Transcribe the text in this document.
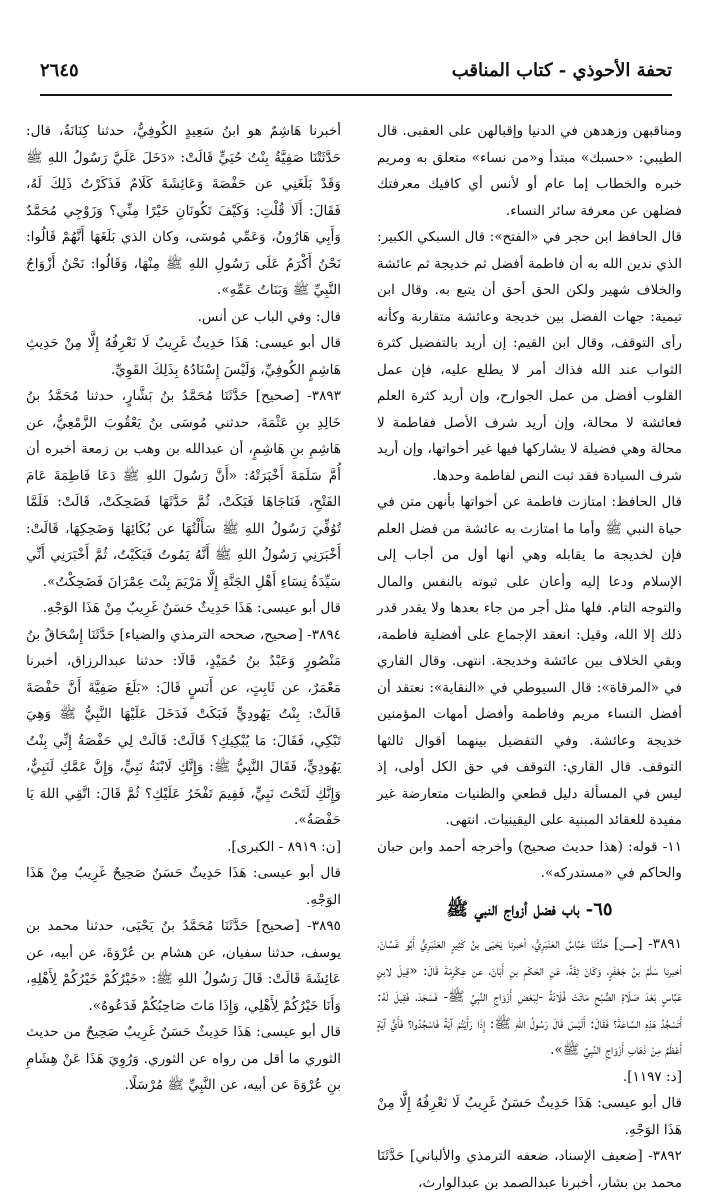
تحفة الأحوذي - كتاب المناقب
٢٦٤٥

ومناقبهن وزهدهن في الدنيا وإقبالهن على العقبى. قال الطيبي: «حسبك» مبتدأ و«من نساء» متعلق به ومريم خبره والخطاب إما عام أو لأنس أي كافيك معرفتك فضلهن عن معرفة سائر النساء.

قال الحافظ ابن حجر في «الفتح»: قال السبكي الكبير: الذي ندين الله به أن فاطمة أفضل ثم خديجة ثم عائشة والخلاف شهير ولكن الحق أحق أن يتبع به. وقال ابن تيمية: جهات الفضل بين خديجة وعائشة متقاربة وكأنه رأى التوقف، وقال ابن القيم: إن أريد بالتفضيل كثرة الثواب عند الله فذاك أمر لا يطلع عليه، فإن عمل القلوب أفضل من عمل الجوارح، وإن أريد كثرة العلم فعائشة لا محالة، وإن أريد شرف الأصل ففاطمة لا محالة وهي فضيلة لا يشاركها فيها غير أخواتها، وإن أريد شرف السيادة فقد ثبت النص لفاطمة وحدها.

قال الحافظ: امتازت فاطمة عن أخواتها بأنهن متن في حياة النبي ﷺ وأما ما امتازت به عائشة من فضل العلم فإن لخديجة ما يقابله وهي أنها أول من أجاب إلى الإسلام ودعا إليه وأعان على ثبوته بالنفس والمال والتوجه التام. فلها مثل أجر من جاء بعدها ولا يقدر قدر ذلك إلا الله، وقيل: انعقد الإجماع على أفضلية فاطمة، وبقي الخلاف بين عائشة وخديجة. انتهى. وقال القاري في «المرقاة»: قال السيوطي في «النقاية»: نعتقد أن أفضل النساء مريم وفاطمة وأفضل أمهات المؤمنين خديجة وعائشة. وفي التفضيل بينهما أقوال ثالثها التوقف. قال القاري: التوقف في حق الكل أولى، إذ ليس في المسألة دليل قطعي والظنيات متعارضة غير مفيدة للعقائد المبنية على اليقينيات. انتهى.

١١- قوله: (هذا حديث صحيح) وأخرجه أحمد وابن حبان والحاكم في «مستدركه».

٦٥- باب فضل أزواج النبي ﷺ

٣٨٩١- [حسن] حَدَّثَنَا عَبَّاسٌ العَنْبَرِيُّ، أخبرنا يَحْيَى بنُ كَثِيرٍ العَنْبَرِيُّ أَبُو غَسَّانَ، أخبرنا سَلْمُ بنُ جَعْفَرٍ، وَكَانَ ثِقَةً، عَنِ الحَكَمِ بنِ أَبَانَ، عن عِكْرِمَةَ قَالَ: «قِيلَ لابنِ عَبَّاسٍ بَعْدَ صَلَاةِ الصُّبْحِ مَاتَتْ فُلَانَةُ -لِبَعْضِ أَزْوَاجِ النَّبِيِّ ﷺ- فَسَجَدَ، فَقِيلَ لَهُ: أَتَسْجُدُ هَذِهِ السَّاعَةَ؟ فَقَالَ: أَلَيْسَ قَالَ رَسُولُ اللهِ ﷺ: إِذَا رَأَيْتُمْ آيَةً فَاسْجُدُوا؟ فَأَيُّ آيَةٍ أَعْظَمُ مِنْ ذَهَابِ أَزْوَاجِ النَّبِيِّ ﷺ».

[د: ١١٩٧].

قال أبو عيسى: هَذَا حَدِيثٌ حَسَنٌ غَرِيبٌ لَا نَعْرِفُهُ إِلَّا مِنْ هَذَا الوَجْهِ.

٣٨٩٢- [ضعيف الإسناد، ضعفه الترمذي والألباني] حَدَّثَنَا محمد بن بشار، أخبرنا عبدالصمد بن عبدالوارث،

أخبرنا هَاشِمٌ هو ابنُ سَعِيدٍ الكُوفِيُّ، حدثنا كِنَانَةُ، قال: حَدَّثَتْنَا صَفِيَّةُ بِنْتُ حُيَيٍّ قَالَتْ: «دَخَلَ عَلَيَّ رَسُولُ اللهِ ﷺ وَقَدْ بَلَغَنِي عن حَفْصَةَ وَعَائِشَةَ كَلَامٌ فَذَكَرْتُ ذَلِكَ لَهُ، فَقَالَ: أَلَا قُلْتِ: وَكَيْفَ تَكُونَانِ خَيْرًا مِنِّي؟ وَزَوْجِي مُحَمَّدٌ وَأَبِي هَارُونُ، وَعَمِّي مُوسَى، وكان الذي بَلَغَهَا أَنَّهُمْ قَالُوا: نَحْنُ أَكْرَمُ عَلَى رَسُولِ اللهِ ﷺ مِنْهَا، وَقَالُوا: نَحْنُ أَزْوَاجُ النَّبِيِّ ﷺ وَبَنَاتُ عَمِّهِ».

قال: وفي الباب عن أنس.

قال أبو عيسى: هَذَا حَدِيثٌ غَرِيبٌ لَا نَعْرِفُهُ إِلَّا مِنْ حَدِيثِ هَاشِمٍ الكُوفِيِّ، وَلَيْسَ إِسْنَادُهُ بِذَلِكَ القَوِيِّ.

٣٨٩٣- [صحيح] حَدَّثَنَا مُحَمَّدُ بنُ بَشَّارٍ، حدثنا مُحَمَّدُ بنُ خَالِدِ بنِ عَثْمَةَ، حدثني مُوسَى بنُ يَعْقُوبَ الزَّمْعِيُّ، عن هَاشِمِ بنِ هَاشِمٍ، أن عبدالله بن وهب بن زمعة أخبره أن أُمَّ سَلَمَةَ أَخْبَرَتْهُ: «أَنَّ رَسُولَ اللهِ ﷺ دَعَا فَاطِمَةَ عَامَ الفَتْحِ، فَنَاجَاهَا فَبَكَتْ، ثُمَّ حَدَّثَهَا فَضَحِكَتْ، قَالَتْ: فَلَمَّا تُوُفِّيَ رَسُولُ اللهِ ﷺ سَأَلْتُهَا عن بُكَائِهَا وَضَحِكِهَا، قَالَتْ: أَخْبَرَنِي رَسُولُ اللهِ ﷺ أَنَّهُ يَمُوتُ فَبَكَيْتُ، ثُمَّ أَخْبَرَنِي أَنِّي سَيِّدَةُ نِسَاءِ أَهْلِ الجَنَّةِ إِلَّا مَرْيَمَ بِنْتَ عِمْرَانَ فَضَحِكْتُ».

قال أبو عيسى: هَذَا حَدِيثٌ حَسَنٌ غَرِيبٌ مِنْ هَذَا الوَجْهِ.

٣٨٩٤- [صحيح، صححه الترمذي والضياء] حَدَّثَنَا إِسْحَاقُ بنُ مَنْصُورٍ وَعَبْدُ بنُ حُمَيْدٍ، قَالَا: حدثنا عبدالرزاق، أخبرنا مَعْمَرٌ، عن ثَابِتٍ، عن أَنَسٍ قَالَ: «بَلَغَ صَفِيَّةَ أَنَّ حَفْصَةَ قَالَتْ: بِنْتُ يَهُودِيٍّ فَبَكَتْ فَدَخَلَ عَلَيْهَا النَّبِيُّ ﷺ وَهِيَ تَبْكِي، فَقَالَ: مَا يُبْكِيكِ؟ قَالَتْ: قَالَتْ لِي حَفْصَةُ إِنِّي بِنْتُ يَهُودِيٍّ، فَقَالَ النَّبِيُّ ﷺ: وَإِنَّكِ لَابْنَةُ نَبِيٍّ، وَإِنَّ عَمَّكِ لَنَبِيٌّ، وَإِنَّكِ لَتَحْتَ نَبِيٍّ، فَفِيمَ تَفْخَرُ عَلَيْكِ؟ ثُمَّ قَالَ: اتَّقِي اللهَ يَا حَفْصَةُ».

[ن: ٨٩١٩ - الكبرى].

قال أبو عيسى: هَذَا حَدِيثٌ حَسَنٌ صَحِيحٌ غَرِيبٌ مِنْ هَذَا الوَجْهِ.

٣٨٩٥- [صحيح] حَدَّثَنَا مُحَمَّدُ بنُ يَحْيَى، حدثنا محمد بن يوسف، حدثنا سفيان، عن هشام بن عُرْوَةَ، عن أبيه، عن عَائِشَةَ قَالَتْ: قَالَ رَسُولُ اللهِ ﷺ: «خَيْرُكُمْ خَيْرُكُمْ لِأَهْلِهِ، وَأَنَا خَيْرُكُمْ لِأَهْلِي، وَإِذَا مَاتَ صَاحِبُكُمْ فَدَعُوهُ».

قال أبو عيسى: هَذَا حَدِيثٌ حَسَنٌ غَرِيبٌ صَحِيحٌ من حديث الثوري ما أقل من رواه عن الثوري. وَرُوِيَ هَذَا عَنْ هِشَامِ بنِ عُرْوَةَ عن أبيه، عن النَّبِيِّ ﷺ مُرْسَلًا.
